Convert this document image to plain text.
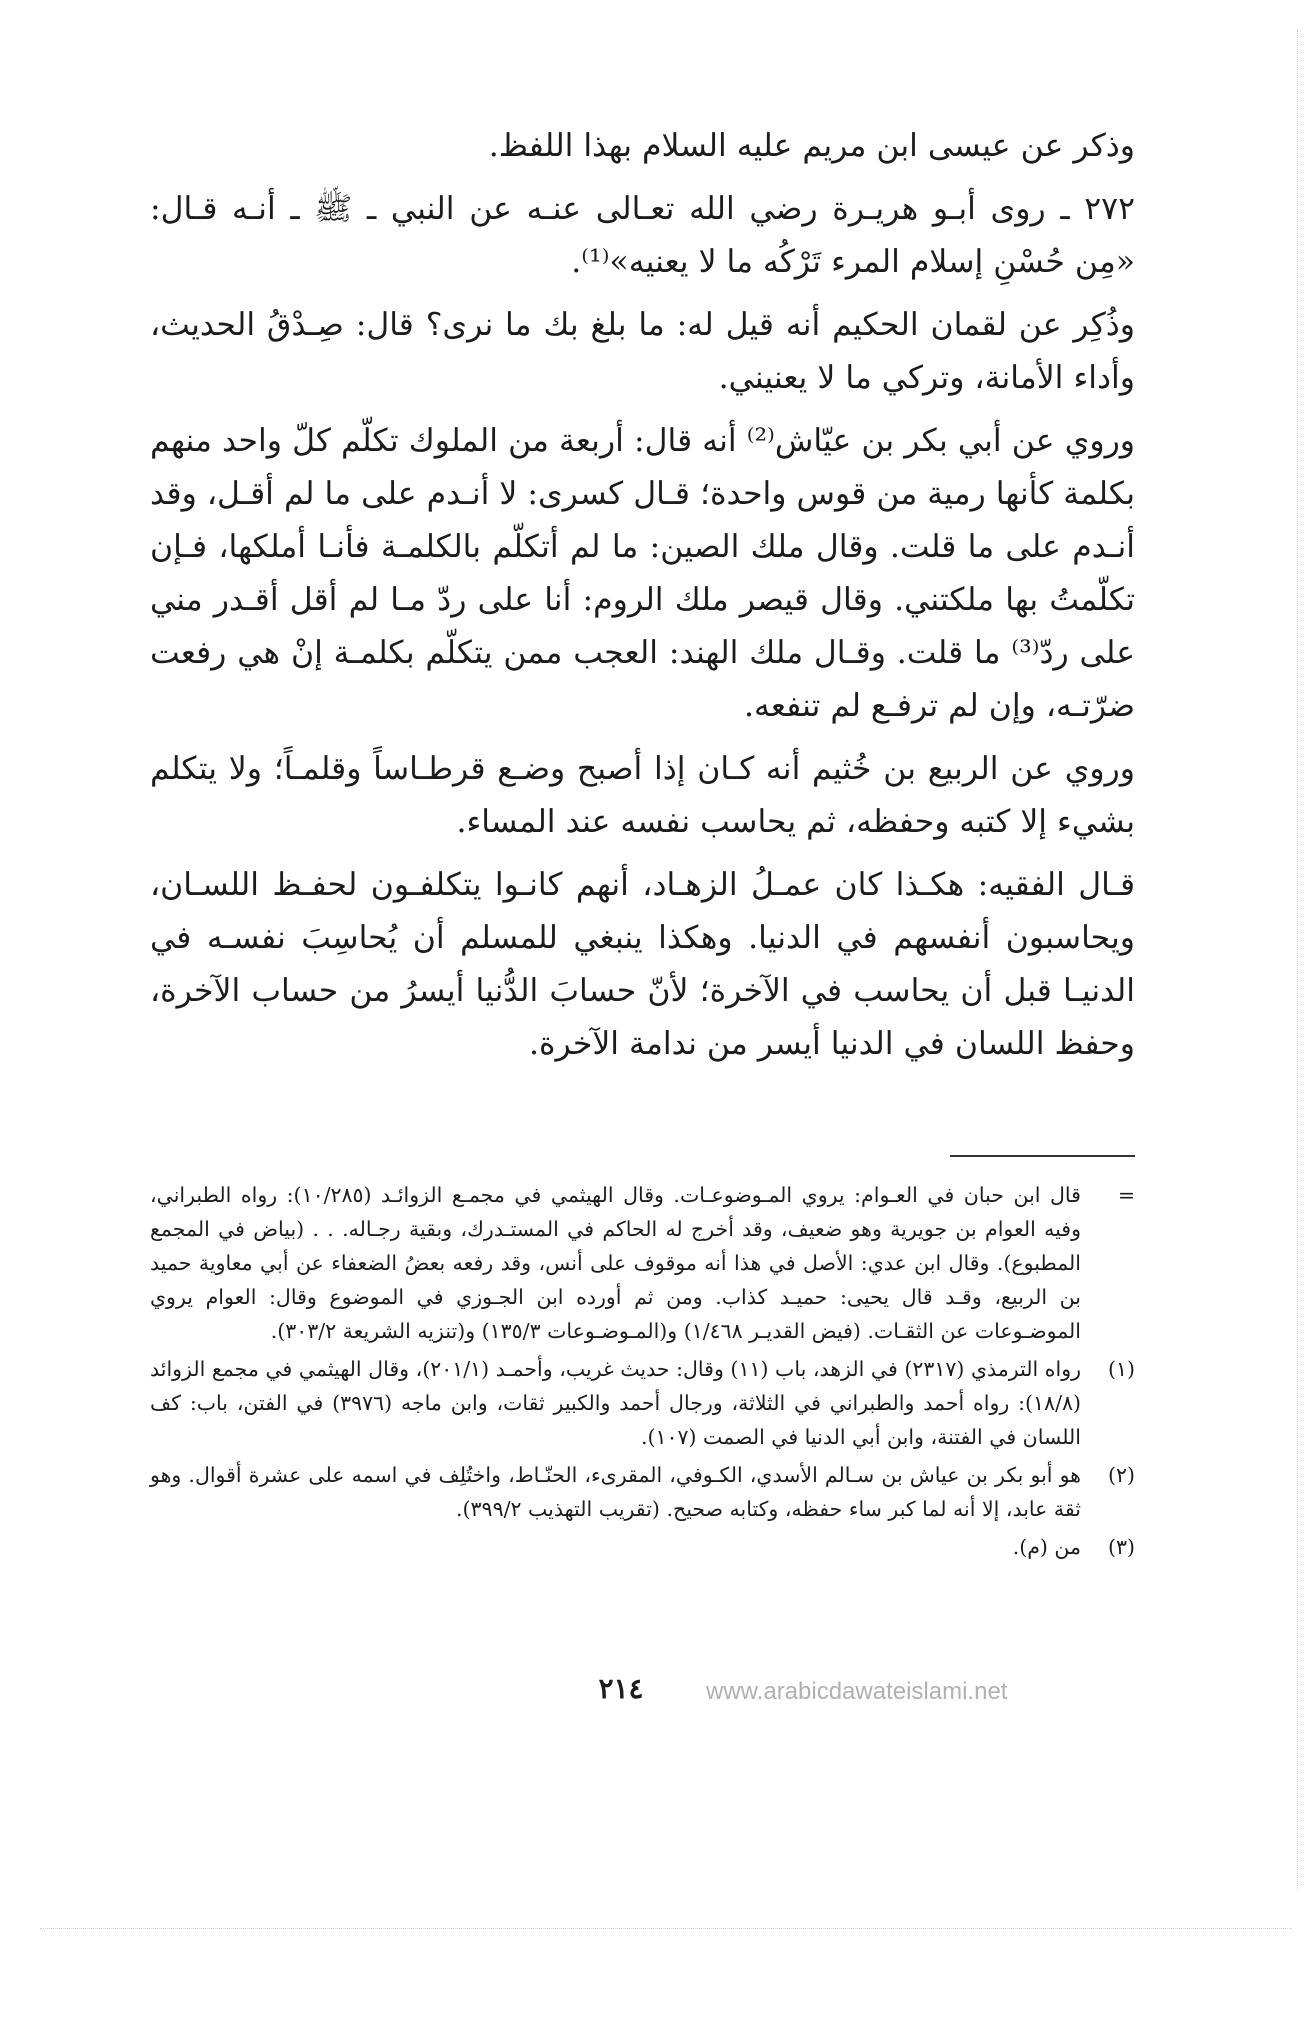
وذكر عن عيسى ابن مريم عليه السلام بهذا اللفظ.

٢٧٢ ـ روى أبـو هريـرة رضي الله تعـالى عنـه عن النبي ـ ﷺ ـ أنـه قـال: «مِن حُسْنِ إسلام المرء تَرْكُه ما لا يعنيه»⁽¹⁾.

وذُكِر عن لقمان الحكيم أنه قيل له: ما بلغ بك ما نرى؟ قال: صِـدْقُ الحديث، وأداء الأمانة، وتركي ما لا يعنيني.

وروي عن أبي بكر بن عيّاش⁽²⁾ أنه قال: أربعة من الملوك تكلّم كلّ واحد منهم بكلمة كأنها رمية من قوس واحدة؛ قـال كسرى: لا أنـدم على ما لم أقـل، وقد أنـدم على ما قلت. وقال ملك الصين: ما لم أتكلّم بالكلمـة فأنـا أملكها، فـإن تكلّمتُ بها ملكتني. وقال قيصر ملك الروم: أنا على ردّ مـا لم أقل أقـدر مني على ردّ⁽³⁾ ما قلت. وقـال ملك الهند: العجب ممن يتكلّم بكلمـة إنْ هي رفعت ضرّتـه، وإن لم ترفـع لم تنفعه.

وروي عن الربيع بن خُثيم أنه كـان إذا أصبح وضـع قرطـاساً وقلمـاً؛ ولا يتكلم بشيء إلا كتبه وحفظه، ثم يحاسب نفسه عند المساء.

قـال الفقيه: هكـذا كان عمـلُ الزهـاد، أنهم كانـوا يتكلفـون لحفـظ اللسـان، ويحاسبون أنفسهم في الدنيا. وهكذا ينبغي للمسلم أن يُحاسِبَ نفسـه في الدنيـا قبل أن يحاسب في الآخرة؛ لأنّ حسابَ الدُّنيا أيسرُ من حساب الآخرة، وحفظ اللسان في الدنيا أيسر من ندامة الآخرة.

=
قال ابن حبان في العـوام: يروي المـوضوعـات. وقال الهيثمي في مجمـع الزوائـد (١٠/٢٨٥): رواه الطبراني، وفيه العوام بن جويرية وهو ضعيف، وقد أخرج له الحاكم في المستـدرك، وبقية رجـاله. . . (بياض في المجمع المطبوع). وقال ابن عدي: الأصل في هذا أنه موقوف على أنس، وقد رفعه بعضُ الضعفاء عن أبي معاوية حميد بن الربيع، وقـد قال يحيى: حميـد كذاب. ومن ثم أورده ابن الجـوزي في الموضوع وقال: العوام يروي الموضـوعات عن الثقـات. (فيض القديـر ١/٤٦٨) و(المـوضـوعات ١٣٥/٣) و(تنزيه الشريعة ٣٠٣/٢).
(١)
رواه الترمذي (٢٣١٧) في الزهد، باب (١١) وقال: حديث غريب، وأحمـد (٢٠١/١)، وقال الهيثمي في مجمع الزوائد (١٨/٨): رواه أحمد والطبراني في الثلاثة، ورجال أحمد والكبير ثقات، وابن ماجه (٣٩٧٦) في الفتن، باب: كف اللسان في الفتنة، وابن أبي الدنيا في الصمت (١٠٧).
(٢)
هو أبو بكر بن عياش بن سـالم الأسدي، الكـوفي، المقرىء، الحنّـاط، واختُلِف في اسمه على عشرة أقوال. وهو ثقة عابد، إلا أنه لما كبر ساء حفظه، وكتابه صحيح. (تقريب التهذيب ٣٩٩/٢).
(٣)
من (م).
٢١٤	www.arabicdawateislami.net
